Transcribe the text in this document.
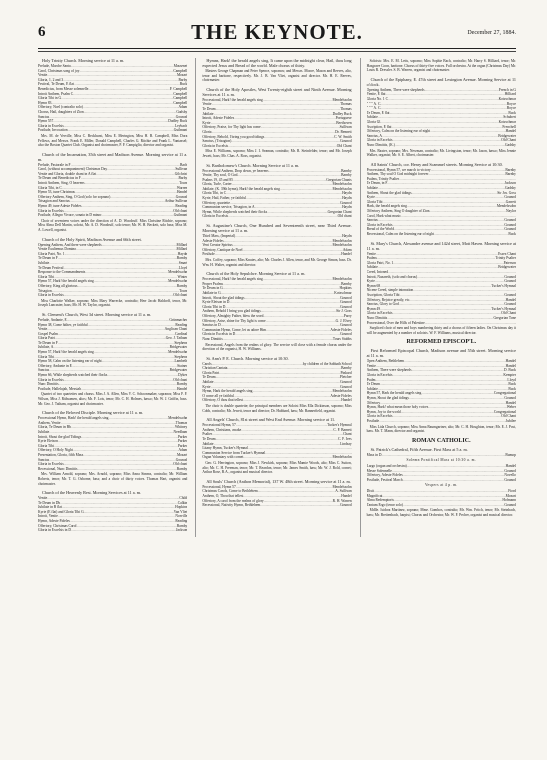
6	THE KEYNOTE.	December 27, 1884.
Holy Trinity Church. Morning service at 11 a. m.
Prelude, Marche Santa .....	Massenet
Carol, Christmas song of joy .....	Campbell
Venite .....	Mozart
Gloria, 1, 2 and 3 .....	Barby
Festival, Te Deum, E flat .....	Buck
Benedictus, from Messe solennelle .....	F. Campbell
Introit Anthem, Psalm C. .....	Campbell
Gloria Tibi in G .....	Campbell
Hymn 83 .....	Campbell
Offertory, Noel (contralto solo) .....	Adam
Chorus, Hail, daughters of Zion .....	Gadsby
Sanctus .....	Gounod
Hymn 557 .....	Dudley Buck
Gloria in Excelsis .....	Leybach
Postlude, Invocation .....	Guilmant
Mrs. M. de Verville, Miss C. Beckhurst, Miss E. Merington, Miss H. B. Campbell, Miss Dora Fellows, and Messrs. Frank E. Miller, Donald Campbell, Charles G. Ritchie and Frank L. Vantassel; also the Boston Quartet Club. Organist and choirmaster, P. F. Campiglio, director and organist.
Church of the Incarnation, 35th street and Madison Avenue. Morning service at 11 a. m.
Prelude, Pastorale in F .....	Bach
Carol, (without accompaniment) Christmas Day .....	Sullivan
Venite and Gloria, double chant in A flat .....	Gilchrist
Te Deum and Benedictus in F .....	Barby
Introit Anthem, Sing, O heavens .....	Tours
Gloria Tibi, in C .....	Warren
Hymn 53, tune Christmas .....	Handel
Offertory Anthem, Sing, O God (solo for soprano) .....	Gounod
Trisagion and Sanctus .....	Arthur Sullivan
Hymn 49, tune Adeste Fideles .....	Reading
Gloria in Excelsis .....	Old chant
Postlude, Allegro Vivace, sonata in D minor .....	Guilmant
Choir of seventeen voices under the direction of A. D. Woodruff. Miss Christine Ritchie, soprano; Miss Alma Dell Martin, soloist, Mr. A. D. Woodruff, solo tenor; Mr. W. H. Beckett, solo bass; Miss M. A. Lowell, organist.
Church of the Holy Spirit, Madison Avenue and 66th street.
Opening Anthem, And there were shepherds .....	Millard
Venite Exultemus Domino .....	Millard
Gloria Patri, No. 1 .....	Haydn
Te Deum in F .....	Barnby
Jubilate .....	Smart
Te Deum Festival .....	Lloyd
Response to the Commandments .....	Mendelssohn
Gloria Tibi .....	Winter
Hymn 57, Hark! the herald angels sing .....	Mendelssohn
Offertory, King all glorious .....	Barnby
Trisagion .....	Tours
Gloria in Excelsis .....	Old chant
Miss Charlotte Walker, soprano; Miss Mary Warrecke, contralto; Herr Jacob Haldorff, tenor, Mr. Joseph Lancaster, bass; Mr. H. W. Taylor, organist.
St. Clement's Church, West 3d street. Morning service at 11 a. m.
Prelude, Andante, E .....	Grünmacher
Hymn 38, Come hither, ye faithful .....	Reading
Venite .....	Anglican Chant
Gospel Psalm .....	Cardinal
Gloria Patri .....	Geo. J. Tatham
Te Deum in F .....	Stephens
Jubilate, A .....	Bridgewater
Hymn 57, Hark! the herald angels sing .....	Mendelssohn
Gloria Tibi .....	Stephens
Hymn 58, Calm on the listening ear of night .....	Lambeth
Offertory, Andante in E .....	Stainer
Sanctus .....	Bridgewater
Hymn 66, While shepherds watched their flocks .....	Dykes
Gloria in Excelsis .....	Old chant
Nunc Dimittis .....	Barnby
Postlude, Hallelujah, Messiah .....	Handel
Quartet of two quartettes and chorus. Miss J. A. Allen, Miss V. C. Schoonmaker, sopranos; Miss F. F. Wilson, Miss J. Rübsamen, altos; Mr. F. Lois, tenor; Mr. C. H. Holmes, basso; Mr. W. J. Griffin, bass. Mr. Geo. J. Tatham, organist and choirmaster.
Church of the Beloved Disciple. Morning service at 11 a. m.
Processional Hymn, Hark! the herald angels sing .....	Mendelssohn
Anthem, Venite .....	Thomas
Gloria, Te Deum in Bb .....	Whitney
Jubilate .....	Needham
Introit, Shout the glad Tidings .....	Parker
Kyrie Eleison .....	Parker
Gloria Tibi .....	Parker
Offertory, O Holy Night .....	Adam
Presentation, Gloria, fifth Mass .....	Mozart
Sanctus .....	Gounod
Gloria in Excelsis .....	Old chant
Recessional, Nunc Dimittis .....	Barnby
Mrs. William Arnold, soprano; Mrs. Arnold, soprano; Miss Anna Simms, contralto; Mr. William Roberts, tenor; Mr. T. G. Osborne, bass; and a choir of thirty voices. Thomas Hart, organist and choirmaster.
Church of the Heavenly Rest. Morning Services at 11 a. m.
Venite .....	Child
Te Deum in Db .....	Calkin
Jubilate in B flat .....	Hopkins
Kyrie (E flat) and Gloria Tibi G .....	Van Vliet
Introit, Venite .....	Norville
Hymn, Adeste Fideles .....	Reading
Offertory, Christmas Carol .....	Barnby
Gloria in Excelsis in D .....	Jackson
Hymns, Hark! the herald angels sing, It came upon the midnight clear, Hail, thou long expected Jesus and Bread of the world. Male chorus of thirty.
Masters George Chapman and Peter Spence, sopranos; and Messrs. Moore, Mason and Reeves, alto, tenor and baritone, respectively. Mr. J. B. Van Vliet, organist and director. Mr. H. E. Reeves, choirmaster.
Church of the Holy Apostles, West Twenty-eighth street and Ninth Avenue. Morning Services at 11 a. m.
Processional, Hark! the herald angels sing .....	Mendelssohn
Venite .....	Thomas
Te Deum .....	Thomas
Jubilate .....	Dudley Buck
Introit, Adeste Fideles .....	Portuguese
Kyrie .....	Beethoven
Offertory, Praise, for Thy light has come .....	Sullivan
Gloria .....	Dr. Bennett
Offertory, Behold, I bring you good tidings .....	C. W. Smith
Sanctus, (Trisagion) .....	Gounod
Gloria in Excelsis .....	Old Chant
Miss E. Williams, soprano; Miss J. I. Seaman, contralto; Mr. R. Steinfelder, tenor; and Mr. Joseph Jewett, bass; Mr. Chas. A. Ross, organist.
St. Bartholomew's Church. Morning Service at 11 a. m.
Processional Anthem, Drop down, ye heavens .....	Barnby
Venite, Thy soul, O God .....	Barnby
Psalms 19, 45 and 85 .....	Gregorian Chants
Gloria, Turle, Carter .....	Mendelssohn
Jubilate, (K. 39th hymn), Hark! the herald angels sing .....	Mendelssohn
Gloria Tibi, in C .....	Haydn
Kyrie, Hail, Father, ye faithful .....	Haydn
Offertory, quartette .....	Gounod
Communion service, Trisagion, in A .....	Haydn
Hymn, While shepherds watched their flocks .....	Gregorian Chant
Gloria in Excelsis .....	Old chant
St. Augustine's Church, One Hundred and Seventeenth street, near Third Avenue. Morning service at 11 a. m.
Third Mass, (Imperial) .....	Haydn
Adeste Fideles .....	Mendelssohn
Veni Creator Spiritus .....	Mendelssohn
Offertory, Cantique de Noel .....	Adam
Postlude .....	Handel
Mrs. Coffey, soprano; Miss Knutes, alto; Mr. Charles J. Allen, tenor, and Mr. George Simon, bass. Dr. Wm. H. Walter, organist and director.
Church of the Holy Sepulchre. Morning Service at 11 a. m.
Processional, Hark! the herald angels sing .....	Mendelssohn
Proper Psalms .....	Barnby
Te Deum in G .....	Hopkins
Jubilate in G .....	Kotzschmar
Introit, Shout the glad tidings .....	Gounod
Kyrie Eleison in D .....	Gounod
Gloria Tibi in D .....	Gounod
Anthem, Behold I bring you glad tidings .....	Sir J. Goss
Offertory, Almighty Father, bless the word .....	Parry
Offertory, Arise, shine for Thy light is come .....	G. J. Elvey
Sanctus in D .....	Gounod
Communion Hymn, Come, let us adore Him .....	Adeste Fideles
Gloria in Excelsis in D .....	Gounod
Nunc Dimittis .....	Tours Stubbs
Recessional, Angels from the realms of glory. The service will close with a female chorus under the direction of the organist, H. W. Williams.
St. Ann's P. E. Church. Morning service at 10:30.
Carols .....	by children of the Sabbath School
Christian Cantata .....	Barnby
Gloria Patri .....	Pinkard
Te Deum .....	Pletcher
Jubilate .....	Gounod
Kyrie .....	Gounod
Hymn, Hark the herald angels sing .....	Mendelssohn
O come all ye faithful .....	Adeste Fideles
Offertory, O thou that tellest .....	Handel
The choir is double quartette; the principal members are Soloist Miss Ella Dickinson, soprano; Miss Cobb, contralto; Mr. Jewett, tenor and director; Dr. Hubbard, bass; Mr. Bannerfield, organist.
All Angels' Church, 81st street and West End Avenue. Morning service at 11.
Processional Hymn, 57 .....	Tucker's Hymnal
Anthem, Christians, awake .....	C. F. Barnett
Psalter .....	Chant
Te Deum .....	C. F. Ives
Jubilate .....	Lindsay
Litany Hymn, Tucker's Hymnal
.....
Communion Service from Tucker's Hymnal
.....
Organ Voluntary with cornet .....	Mendelssohn
Geo. G. Herrington, soprano; Miss J. Newkirk, soprano; Miss Mamie Woods, alto; Miss C. Sutton, alto; Mr. C. H. Freeman, tenor; Mr. T. Reardon, tenor; Mr. James Smith, bass; Mr. W. J. Bold, cornet; Arthur Rose, B.A., organist and musical director.
All Souls' Church (Anthon Memorial), 137 W. 48th street. Morning service at 11 a. m.
Processional, Hymn 57 .....	Mendelssohn
Christmas Carols, Come to Bethlehem .....	A. Sullivan
Anthem, O, Thou that tellest .....	Handel
Offertory, A carol from the realms of glory .....	R. H. Warren
Recessional, Nativity Hymn, Bethlehem .....	Gounod
Soloists: Mrs. E. M. Letts, soprano; Miss Sophie Bach, contralto; Mr. Harry S. Hilliard, tenor; Mr. Hasgrave Coon, baritone. Chorus of thirty-five voices. Full orchestra. At the organ (Christmas Day) Mr. Louis R. Dressler. S. B. Warren, organist and choirmaster.
Church of the Epiphany, E. 47th street and Lexington Avenue. Morning Service at 11 o'clock.
Opening Anthem, There were shepherds .....	French in G
Venite, E flat .....	Hilliard
Gloria No. 1 C .....	Kotzschmar
" " " A. C. .....	Boyce
" " " A. C. .....	Boyce
Te Deum, E flat .....	Buck
Jubilate .....	Schubert
Gloria Gl. .....	Kotzschmar
Ascription, E flat .....	Frenchell
Offertory, Calm on the listening ear of night .....	Handel
Sanctus, A .....	Bridgewater
Gloria in Excelsis .....	Old Chant
Nunc Dimittis, (K.) .....	Gadsby
Mrs. Baxter, soprano; Mrs. Newman, contralto; Mr. Livingston, tenor; Mr. Jason, basso; Miss Jennie Walker, organist; Mr. S. E. Albert, choirmaster.
All Saints' Church, cor. Henry and Scammel streets. Morning Service at 10:30.
Processional, Hymn 57, we march to victory .....	Barnby
Anthem, Thy soul O God midnight forever .....	Barnby
Psalms, Trinity Psalter
.....
Te Deum, in F .....	Jackson
Jubilate .....	Gadsby
Anthem, Shout the glad tidings .....	Sir Jos. Goss
Kyrie .....	Gounod
Gloria Tibi .....	Garrett
Hark, the herald angels sing .....	Mendelssohn
Offertory Anthem, Sing O daughter of Zion .....	Naylor
Carol, Hark what music
.....
Sanctus .....	Gounod
Gloria in Excelsis .....	Gounod
Bread of the World .....	Gounod
Recessional, Calm on the listening ear of night .....	Buck
St. Mary's Church, Alexandre avenue and 142d street, Mott Haven. Morning service at 11 a. m.
Venite .....	Essex Chant
Psalms .....	Trinity Psalter
Gloria Patri, No. 1 .....	Paterson
Jubilate .....	Bridgewater
Creed, Intoned
.....
Introit, Nazareth, (solo and chorus) .....	Gounod
Kyrie .....	Gounod
Hymn 68 .....	Tucker's Hymnal
Nicene Creed, simple intonation
.....
Ascription, Gloria Tibi .....	Gounod
Offertory, Rejoice greatly, etc. .....	Handel
Sanctus, Glory to God .....	Gounod
Hymn 49 .....	Tucker's Hymnal
Gloria in Excelsis .....	Old Chant
Nunc Dimittis .....	Gregorian Tone
Processional, Over the Hills of Palestine
.....
Surpliced choir of men and boys numbering thirty and a chorus of fifteen ladies. On Christmas day it will be augmented by a number of soloists. W. F. Williams, musical director.
REFORMED EPISCOP'L.
First Reformed Episcopal Church, Madison avenue and 55th street. Morning service at 11 a. m.
Open Anthem, Bethlehem .....	Handel
Venite .....	Handel
Anthem, There were shepherds .....	D. Buck
Gloria in Excelsis .....	Kempter
Psalm .....	Lloyd
Te Deum .....	Buck
Jubilate .....	Buck
Hymn 57, Hark the herald angels sing .....	Congregational
Hymn, Shout the glad tidings .....	Gounod
Offertory .....	Handel
Hymn, Hark! what mean those holy voices .....	Weber
Hymn, Joy to the world .....	Congregational
Gloria in Excelsis .....	Old Chant
Postlude .....	Jubilee
Miss Lida Church, soprano; Miss Anna Baumgartner, alto; Mr. C. H. Houghton, tenor; Mr. E. J. Post, bass. Mr. T. Mann, director and organist.
ROMAN CATHOLIC.
St. Patrick's Cathedral, Fifth Avenue. First Mass at 5 a. m.
Mass in D .....	Bumop
Solemn Pontifical Mass at 10:30 a. m.
Largo (organ and orchestra) .....	Handel
Messe Solennelle .....	Gounod
Offertory, Adeste Fideles .....	Novello
Postlude, Festival March .....	Gounod
Vespers at 4 p. m.
Dixit .....	Fiord
Magnificat .....	Mozart
Alma Redemptoris .....	Hofmann
Tantum Ergo (tenor solo) .....	Gounod
Mdlle. Isidora Martinez, soprano; Mme. Gombos, contralto; Mr. Wm. Fritch, tenor; Mr. Steinbach, bass; Mr. Breitenbach, harpist; Chorus and Orchestra; Mr. W. F. Pecher, organist and musical director.
